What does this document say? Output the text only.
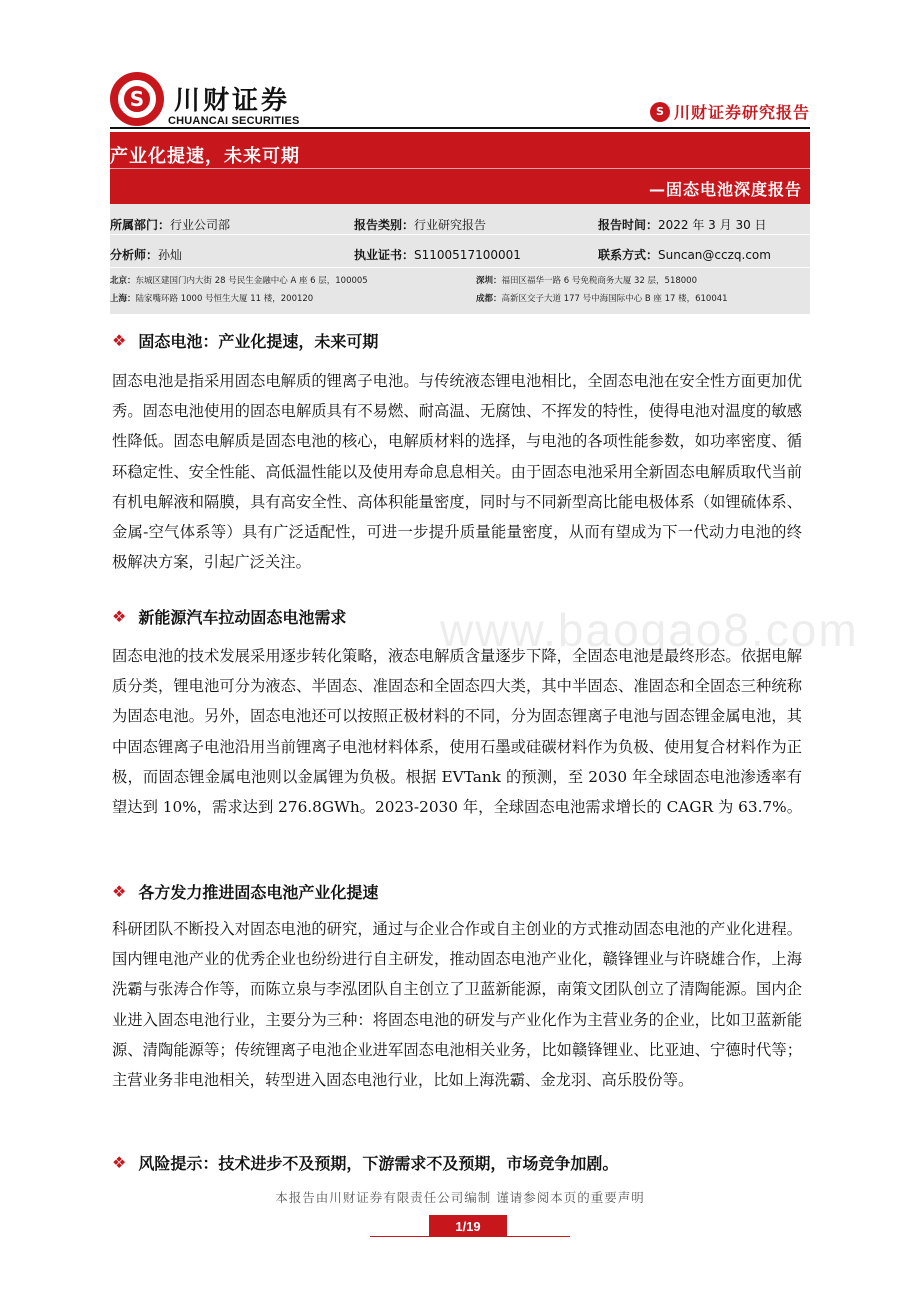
S	川财证券
CHUANCAI SECURITIES
S 川财证券研究报告
产业化提速，未来可期
—固态电池深度报告
所属部门：行业公司部	报告类别：行业研究报告	报告时间：2022 年 3 月 30 日
分析师：孙灿	执业证书：S1100517100001	联系方式：Suncan@cczq.com
北京：东城区建国门内大街 28 号民生金融中心 A 座 6 层，100005	深圳：福田区福华一路 6 号免税商务大厦 32 层，518000
上海：陆家嘴环路 1000 号恒生大厦 11 楼，200120	成都：高新区交子大道 177 号中海国际中心 B 座 17 楼，610041
❖ 固态电池：产业化提速，未来可期
固态电池是指采用固态电解质的锂离子电池。与传统液态锂电池相比，全固态电池在安全性方面更加优秀。固态电池使用的固态电解质具有不易燃、耐高温、无腐蚀、不挥发的特性，使得电池对温度的敏感性降低。固态电解质是固态电池的核心，电解质材料的选择，与电池的各项性能参数，如功率密度、循环稳定性、安全性能、高低温性能以及使用寿命息息相关。由于固态电池采用全新固态电解质取代当前有机电解液和隔膜，具有高安全性、高体积能量密度，同时与不同新型高比能电极体系（如锂硫体系、金属-空气体系等）具有广泛适配性，可进一步提升质量能量密度，从而有望成为下一代动力电池的终极解决方案，引起广泛关注。
❖ 新能源汽车拉动固态电池需求
固态电池的技术发展采用逐步转化策略，液态电解质含量逐步下降，全固态电池是最终形态。依据电解质分类，锂电池可分为液态、半固态、准固态和全固态四大类，其中半固态、准固态和全固态三种统称为固态电池。另外，固态电池还可以按照正极材料的不同，分为固态锂离子电池与固态锂金属电池，其中固态锂离子电池沿用当前锂离子电池材料体系，使用石墨或硅碳材料作为负极、使用复合材料作为正极，而固态锂金属电池则以金属锂为负极。根据 EVTank 的预测，至 2030 年全球固态电池渗透率有望达到 10%，需求达到 276.8GWh。2023-2030 年，全球固态电池需求增长的 CAGR 为 63.7%。
❖ 各方发力推进固态电池产业化提速
科研团队不断投入对固态电池的研究，通过与企业合作或自主创业的方式推动固态电池的产业化进程。国内锂电池产业的优秀企业也纷纷进行自主研发，推动固态电池产业化，赣锋锂业与许晓雄合作，上海洗霸与张涛合作等，而陈立泉与李泓团队自主创立了卫蓝新能源，南策文团队创立了清陶能源。国内企业进入固态电池行业，主要分为三种：将固态电池的研发与产业化作为主营业务的企业，比如卫蓝新能源、清陶能源等；传统锂离子电池企业进军固态电池相关业务，比如赣锋锂业、比亚迪、宁德时代等；主营业务非电池相关，转型进入固态电池行业，比如上海洗霸、金龙羽、高乐股份等。
❖ 风险提示：技术进步不及预期，下游需求不及预期，市场竞争加剧。
www.baogao8.com
本报告由川财证券有限责任公司编制 谨请参阅本页的重要声明
1/19
